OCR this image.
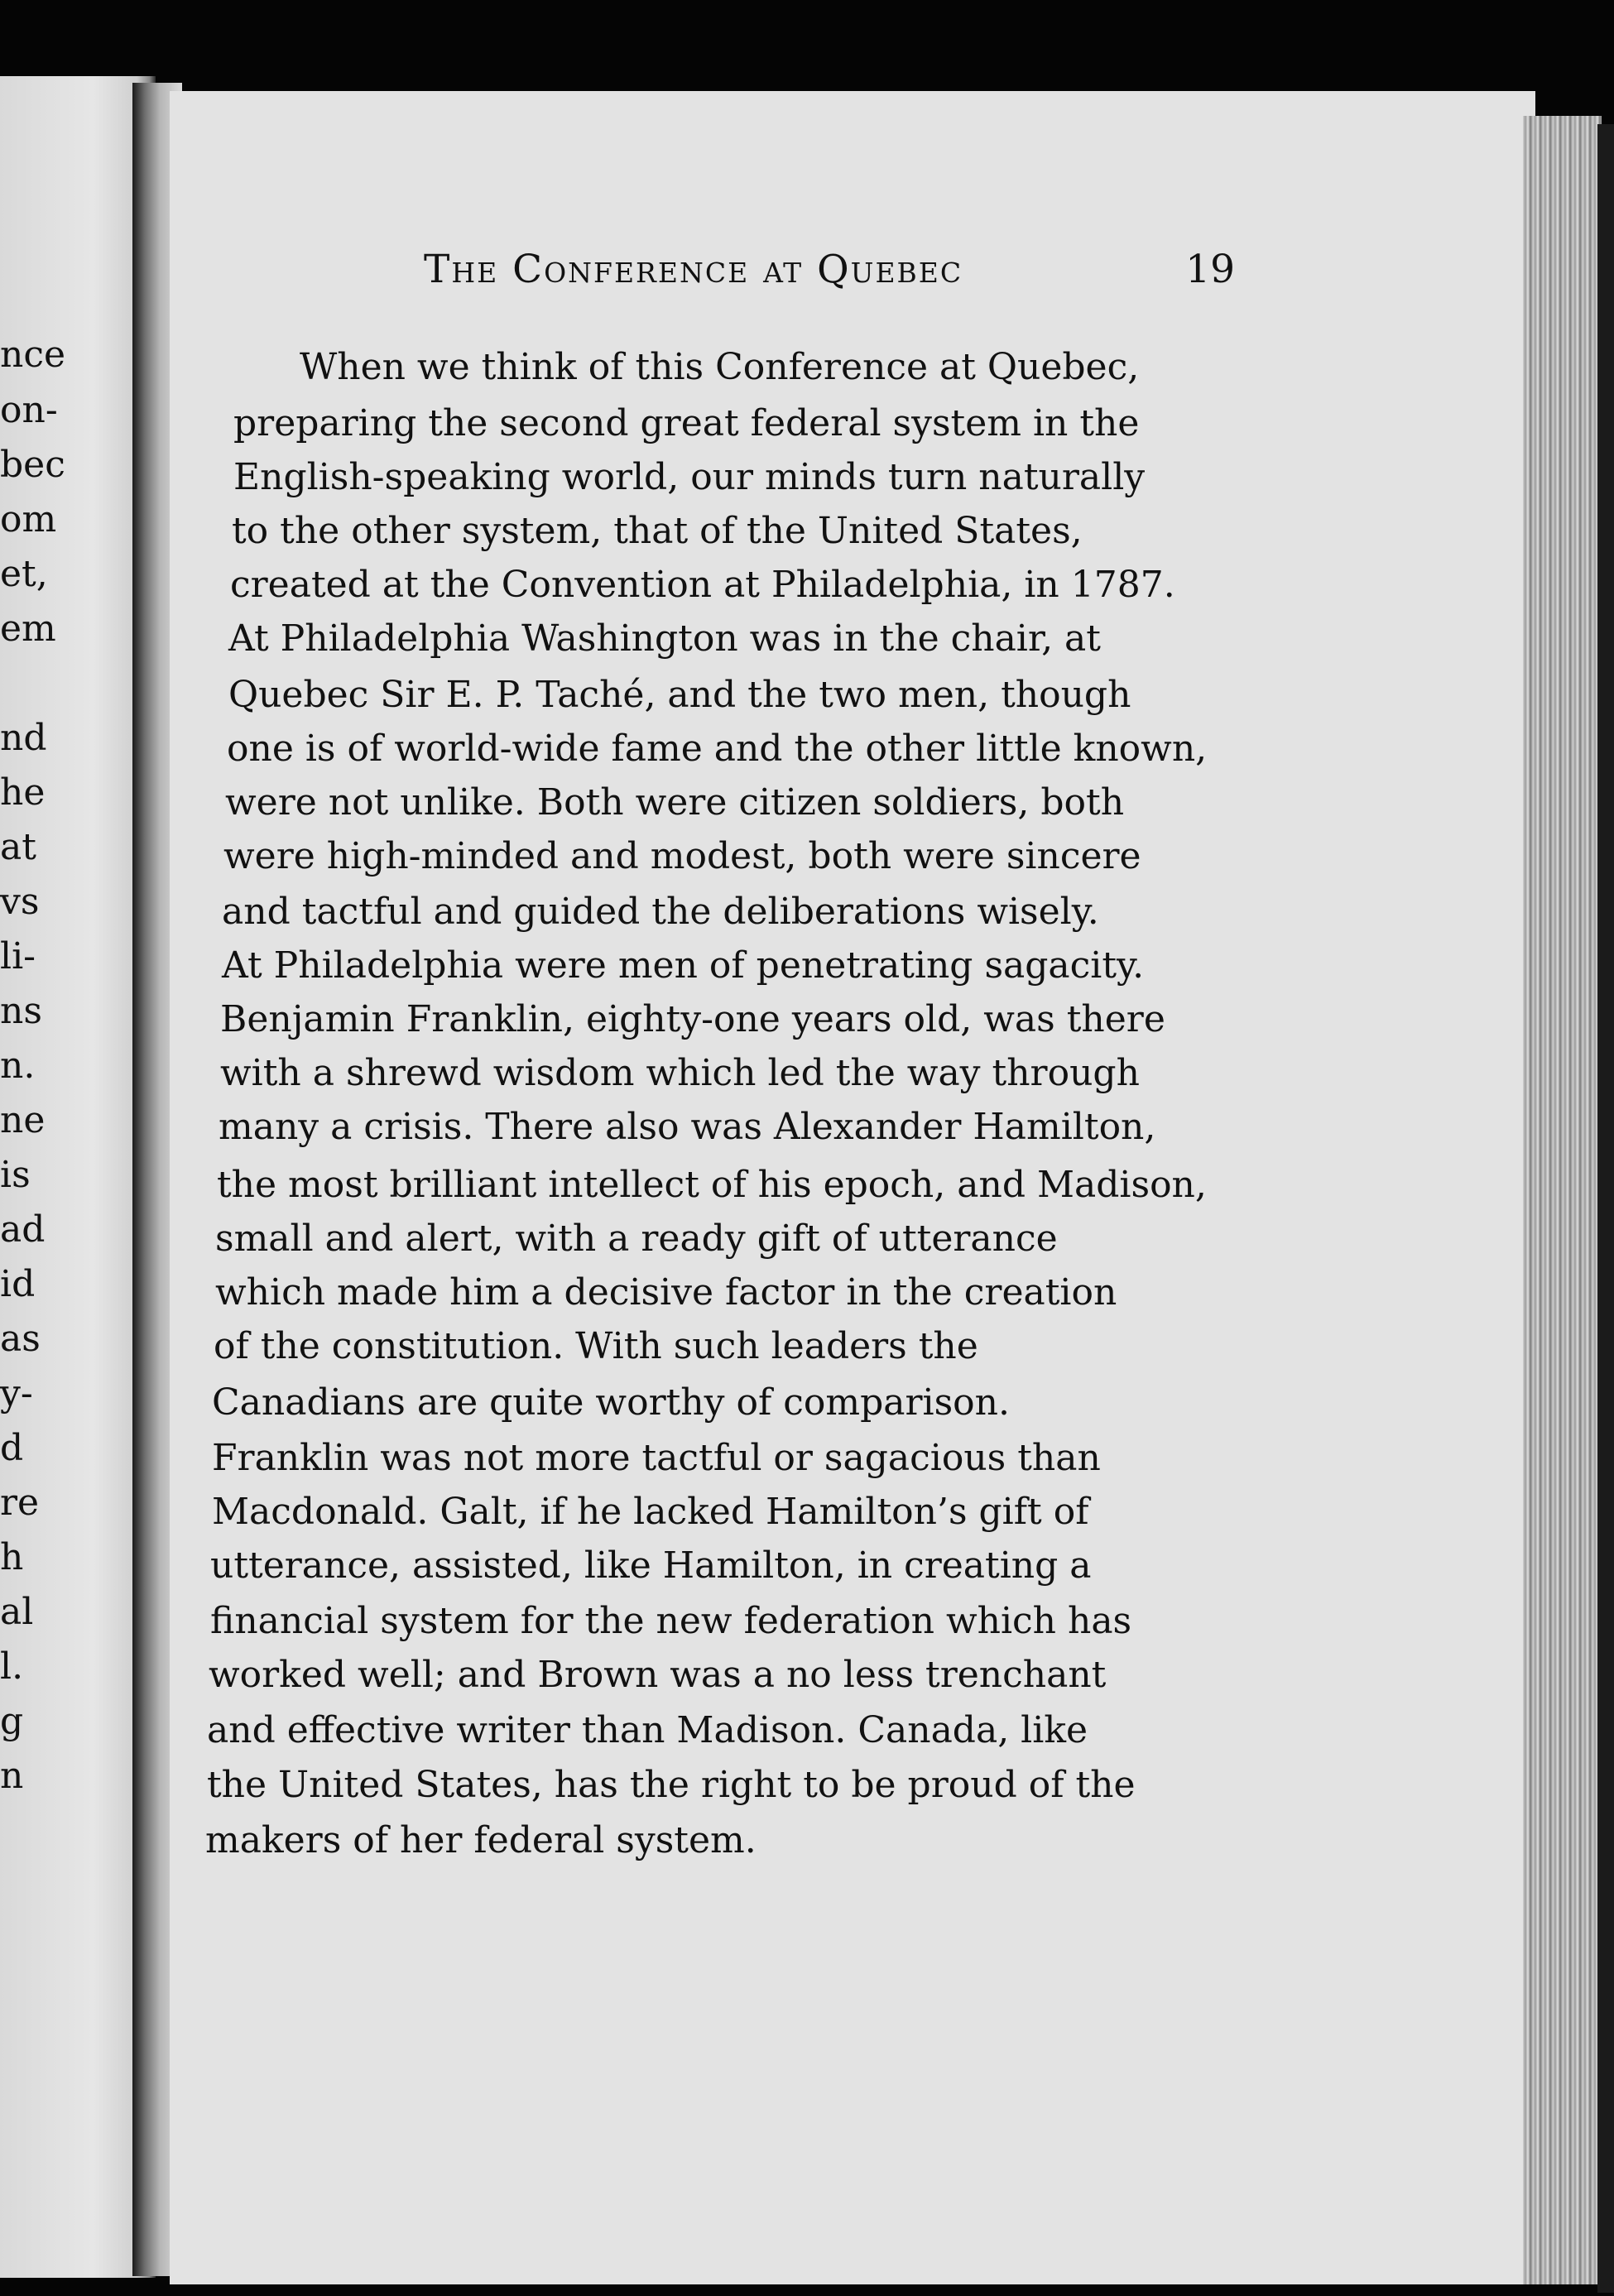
nce
on-
bec
om
et,
em
nd
he
at
vs
li-
ns
n.
ne
is
ad
id
as
y-
d
re
h
al
l.
g
n
The Conference at Quebec	19
When we think of this Conference at Quebec,
preparing the second great federal system in the
English-speaking world, our minds turn naturally
to the other system, that of the United States,
created at the Convention at Philadelphia, in 1787.
At Philadelphia Washington was in the chair, at
Quebec Sir E. P. Taché, and the two men, though
one is of world-wide fame and the other little known,
were not unlike. Both were citizen soldiers, both
were high-minded and modest, both were sincere
and tactful and guided the deliberations wisely.
At Philadelphia were men of penetrating sagacity.
Benjamin Franklin, eighty-one years old, was there
with a shrewd wisdom which led the way through
many a crisis. There also was Alexander Hamilton,
the most brilliant intellect of his epoch, and Madison,
small and alert, with a ready gift of utterance
which made him a decisive factor in the creation
of the constitution. With such leaders the
Canadians are quite worthy of comparison.
Franklin was not more tactful or sagacious than
Macdonald. Galt, if he lacked Hamilton’s gift of
utterance, assisted, like Hamilton, in creating a
financial system for the new federation which has
worked well; and Brown was a no less trenchant
and effective writer than Madison. Canada, like
the United States, has the right to be proud of the
makers of her federal system.
